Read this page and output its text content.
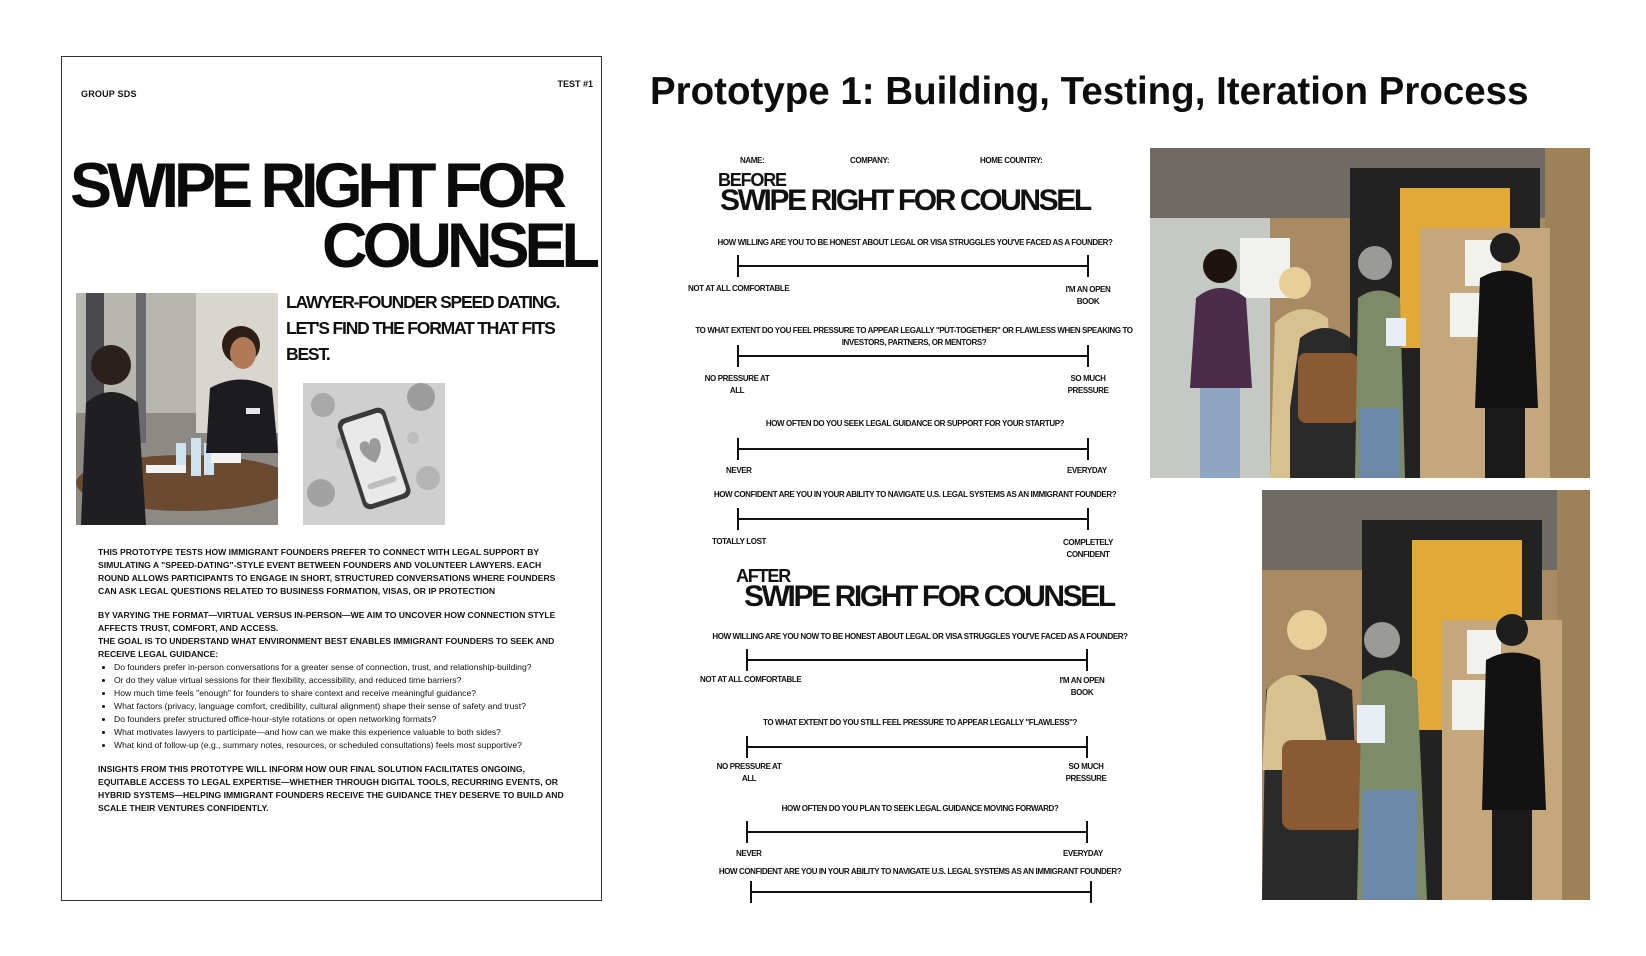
GROUP SDS
TEST #1
SWIPE RIGHT FOR
COUNSEL
LAWYER-FOUNDER SPEED DATING. LET'S FIND THE FORMAT THAT FITS BEST.

THIS PROTOTYPE TESTS HOW IMMIGRANT FOUNDERS PREFER TO CONNECT WITH LEGAL SUPPORT BY SIMULATING A "SPEED-DATING"-STYLE EVENT BETWEEN FOUNDERS AND VOLUNTEER LAWYERS. EACH ROUND ALLOWS PARTICIPANTS TO ENGAGE IN SHORT, STRUCTURED CONVERSATIONS WHERE FOUNDERS CAN ASK LEGAL QUESTIONS RELATED TO BUSINESS FORMATION, VISAS, OR IP PROTECTION

BY VARYING THE FORMAT—VIRTUAL VERSUS IN-PERSON—WE AIM TO UNCOVER HOW CONNECTION STYLE AFFECTS TRUST, COMFORT, AND ACCESS.

THE GOAL IS TO UNDERSTAND WHAT ENVIRONMENT BEST ENABLES IMMIGRANT FOUNDERS TO SEEK AND RECEIVE LEGAL GUIDANCE:

• Do founders prefer in-person conversations for a greater sense of connection, trust, and relationship-building?
• Or do they value virtual sessions for their flexibility, accessibility, and reduced time barriers?
• How much time feels "enough" for founders to share context and receive meaningful guidance?
• What factors (privacy, language comfort, credibility, cultural alignment) shape their sense of safety and trust?
• Do founders prefer structured office-hour-style rotations or open networking formats?
• What motivates lawyers to participate—and how can we make this experience valuable to both sides?
• What kind of follow-up (e.g., summary notes, resources, or scheduled consultations) feels most supportive?

INSIGHTS FROM THIS PROTOTYPE WILL INFORM HOW OUR FINAL SOLUTION FACILITATES ONGOING, EQUITABLE ACCESS TO LEGAL EXPERTISE—WHETHER THROUGH DIGITAL TOOLS, RECURRING EVENTS, OR HYBRID SYSTEMS—HELPING IMMIGRANT FOUNDERS RECEIVE THE GUIDANCE THEY DESERVE TO BUILD AND SCALE THEIR VENTURES CONFIDENTLY.

Prototype 1: Building, Testing, Iteration Process
NAME:	COMPANY:	HOME COUNTRY:
BEFORE
SWIPE RIGHT FOR COUNSEL
HOW WILLING ARE YOU TO BE HONEST ABOUT LEGAL OR VISA STRUGGLES YOU'VE FACED AS A FOUNDER?
NOT AT ALL COMFORTABLE	I'M AN OPEN BOOK
TO WHAT EXTENT DO YOU FEEL PRESSURE TO APPEAR LEGALLY "PUT-TOGETHER" OR FLAWLESS WHEN SPEAKING TO INVESTORS, PARTNERS, OR MENTORS?
NO PRESSURE AT ALL
SO MUCH PRESSURE
HOW OFTEN DO YOU SEEK LEGAL GUIDANCE OR SUPPORT FOR YOUR STARTUP?
NEVER	EVERYDAY
HOW CONFIDENT ARE YOU IN YOUR ABILITY TO NAVIGATE U.S. LEGAL SYSTEMS AS AN IMMIGRANT FOUNDER?
TOTALLY LOST	COMPLETELY CONFIDENT
AFTER
SWIPE RIGHT FOR COUNSEL
HOW WILLING ARE YOU NOW TO BE HONEST ABOUT LEGAL OR VISA STRUGGLES YOU'VE FACED AS A FOUNDER?
NOT AT ALL COMFORTABLE	I'M AN OPEN BOOK
TO WHAT EXTENT DO YOU STILL FEEL PRESSURE TO APPEAR LEGALLY "FLAWLESS"?
NO PRESSURE AT ALL
SO MUCH PRESSURE
HOW OFTEN DO YOU PLAN TO SEEK LEGAL GUIDANCE MOVING FORWARD?
NEVER	EVERYDAY
HOW CONFIDENT ARE YOU IN YOUR ABILITY TO NAVIGATE U.S. LEGAL SYSTEMS AS AN IMMIGRANT FOUNDER?
